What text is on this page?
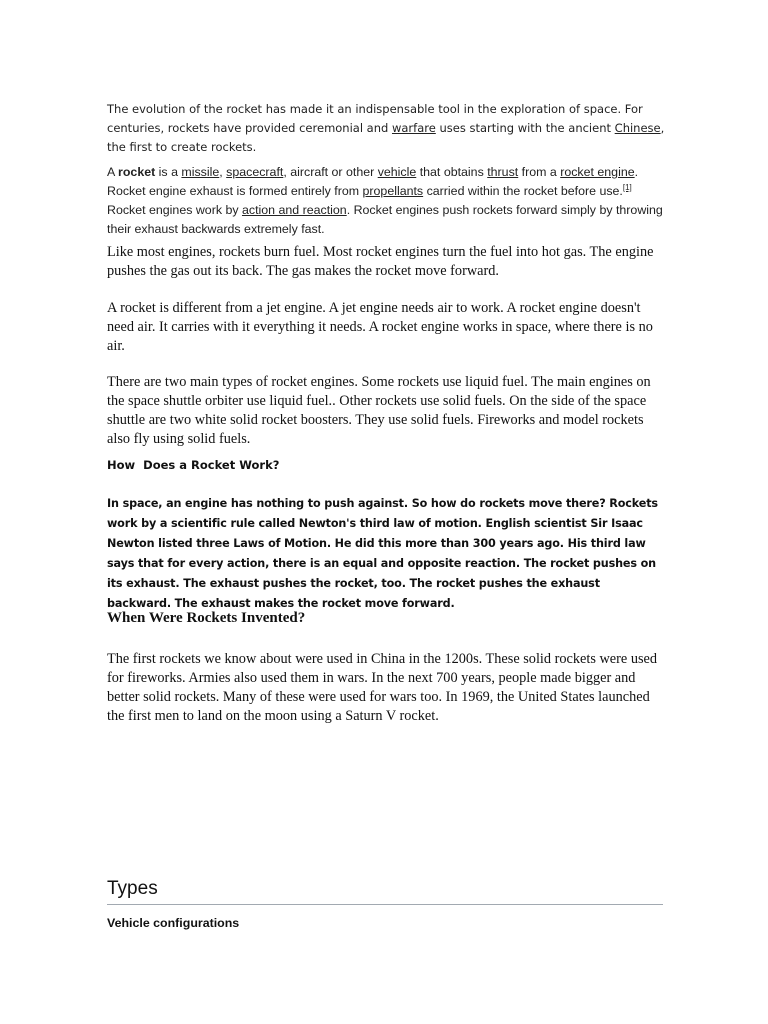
The evolution of the rocket has made it an indispensable tool in the exploration of space. For centuries, rockets have provided ceremonial and warfare uses starting with the ancient Chinese, the first to create rockets.

A rocket is a missile, spacecraft, aircraft or other vehicle that obtains thrust from a rocket engine. Rocket engine exhaust is formed entirely from propellants carried within the rocket before use.[1] Rocket engines work by action and reaction. Rocket engines push rockets forward simply by throwing their exhaust backwards extremely fast.

Like most engines, rockets burn fuel. Most rocket engines turn the fuel into hot gas. The engine pushes the gas out its back. The gas makes the rocket move forward.

A rocket is different from a jet engine. A jet engine needs air to work. A rocket engine doesn't need air. It carries with it everything it needs. A rocket engine works in space, where there is no air.

There are two main types of rocket engines. Some rockets use liquid fuel. The main engines on the space shuttle orbiter use liquid fuel.. Other rockets use solid fuels. On the side of the space shuttle are two white solid rocket boosters. They use solid fuels. Fireworks and model rockets also fly using solid fuels.

How  Does a Rocket Work?

In space, an engine has nothing to push against. So how do rockets move there? Rockets work by a scientific rule called Newton's third law of motion. English scientist Sir Isaac Newton listed three Laws of Motion. He did this more than 300 years ago. His third law says that for every action, there is an equal and opposite reaction. The rocket pushes on its exhaust. The exhaust pushes the rocket, too. The rocket pushes the exhaust backward. The exhaust makes the rocket move forward.

When Were Rockets Invented?

The first rockets we know about were used in China in the 1200s. These solid rockets were used for fireworks. Armies also used them in wars. In the next 700 years, people made bigger and better solid rockets. Many of these were used for wars too. In 1969, the United States launched the first men to land on the moon using a Saturn V rocket.

Types
Vehicle configurations
